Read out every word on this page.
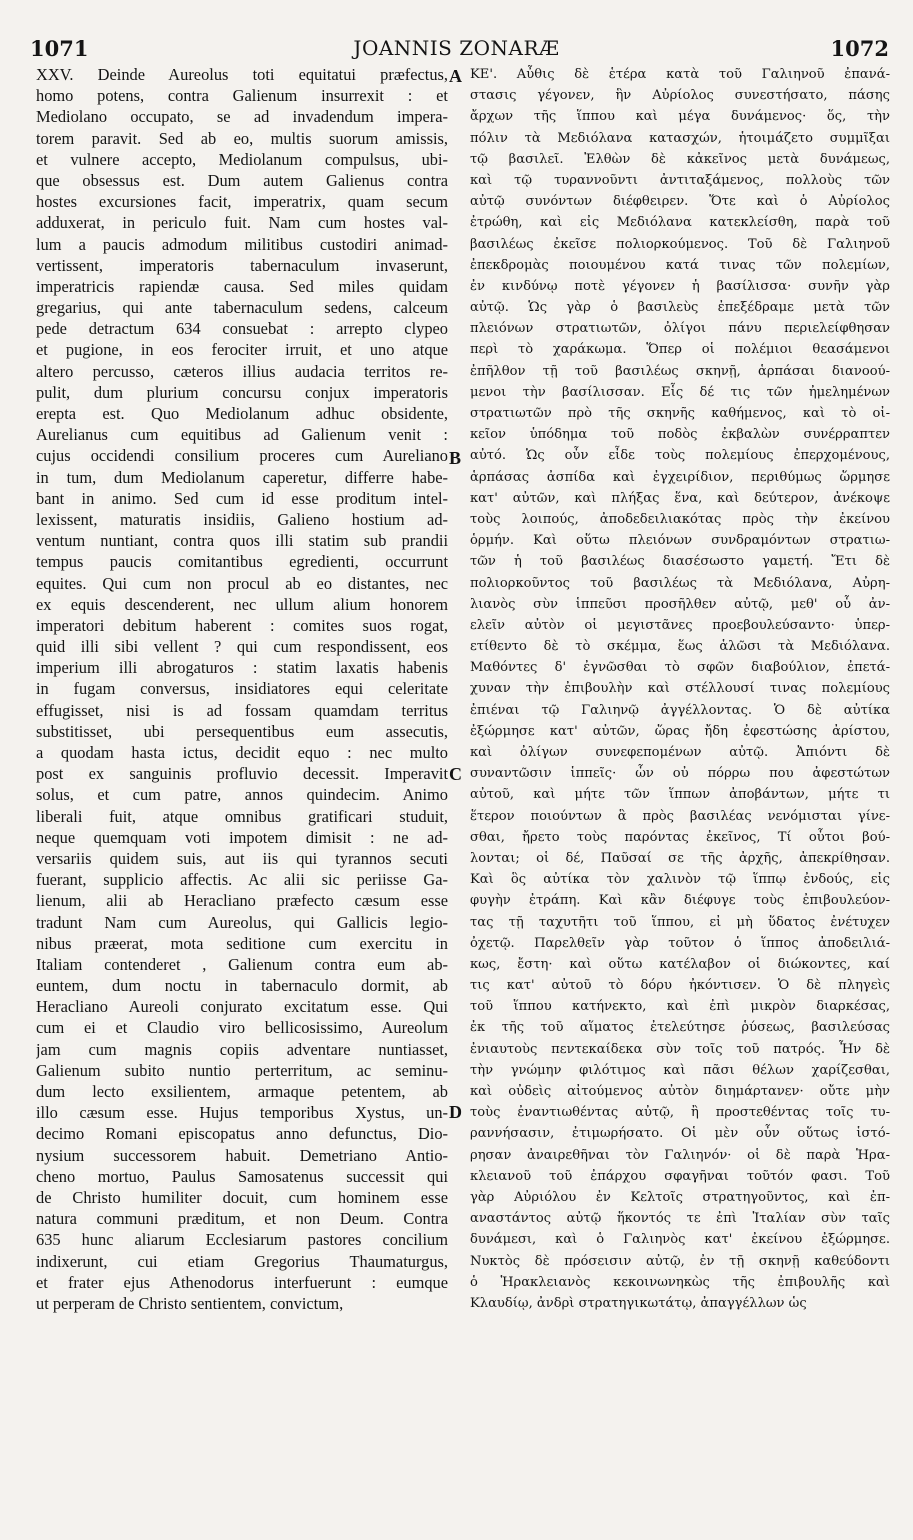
1071	JOANNIS ZONARÆ	1072
XXV. Deinde Aureolus toti equitatui præfectus,
homo potens, contra Galienum insurrexit : et
Mediolano occupato, se ad invadendum impera-
torem paravit. Sed ab eo, multis suorum amissis,
et vulnere accepto, Mediolanum compulsus, ubi-
que obsessus est. Dum autem Galienus contra
hostes excursiones facit, imperatrix, quam secum
adduxerat, in periculo fuit. Nam cum hostes val-
lum a paucis admodum militibus custodiri animad-
vertissent, imperatoris tabernaculum invaserunt,
imperatricis rapiendæ causa. Sed miles quidam
gregarius, qui ante tabernaculum sedens, calceum
pede detractum 634 consuebat : arrepto clypeo
et pugione, in eos ferociter irruit, et uno atque
altero percusso, cæteros illius audacia territos re-
pulit, dum plurium concursu conjux imperatoris
erepta est. Quo Mediolanum adhuc obsidente,
Aurelianus cum equitibus ad Galienum venit :
cujus occidendi consilium proceres cum Aureliano
in tum, dum Mediolanum caperetur, differre habe-
bant in animo. Sed cum id esse proditum intel-
lexissent, maturatis insidiis, Galieno hostium ad-
ventum nuntiant, contra quos illi statim sub prandii
tempus paucis comitantibus egredienti, occurrunt
equites. Qui cum non procul ab eo distantes, nec
ex equis descenderent, nec ullum alium honorem
imperatori debitum haberent : comites suos rogat,
quid illi sibi vellent ? qui cum respondissent, eos
imperium illi abrogaturos : statim laxatis habenis
in fugam conversus, insidiatores equi celeritate
effugisset, nisi is ad fossam quamdam territus
substitisset, ubi persequentibus eum assecutis,
a quodam hasta ictus, decidit equo : nec multo
post ex sanguinis profluvio decessit. Imperavit
solus, et cum patre, annos quindecim. Animo
liberali fuit, atque omnibus gratificari studuit,
neque quemquam voti impotem dimisit : ne ad-
versariis quidem suis, aut iis qui tyrannos secuti
fuerant, supplicio affectis. Ac alii sic periisse Ga-
lienum, alii ab Heracliano præfecto cæsum esse
tradunt Nam cum Aureolus, qui Gallicis legio-
nibus præerat, mota seditione cum exercitu in
Italiam contenderet , Galienum contra eum ab-
euntem, dum noctu in tabernaculo dormit, ab
Heracliano Aureoli conjurato excitatum esse. Qui
cum ei et Claudio viro bellicosissimo, Aureolum
jam cum magnis copiis adventare nuntiasset,
Galienum subito nuntio perterritum, ac seminu-
dum lecto exsilientem, armaque petentem, ab
illo cæsum esse. Hujus temporibus Xystus, un-
decimo Romani episcopatus anno defunctus, Dio-
nysium successorem habuit. Demetriano Antio-
cheno mortuo, Paulus Samosatenus successit qui
de Christo humiliter docuit, cum hominem esse
natura communi præditum, et non Deum. Contra
635 hunc aliarum Ecclesiarum pastores concilium
indixerunt, cui etiam Gregorius Thaumaturgus,
et frater ejus Athenodorus interfuerunt : eumque
ut perperam de Christo sentientem, convictum,
ΚΕ'. Αὖθις δὲ ἑτέρα κατὰ τοῦ Γαλιηνοῦ ἐπανά-
στασις γέγονεν, ἣν Αὐρίολος συνεστήσατο, πάσης
ἄρχων τῆς ἵππου καὶ μέγα δυνάμενος· ὅς, τὴν
πόλιν τὰ Μεδιόλανα κατασχών, ἡτοιμάζετο συμμῖξαι
τῷ βασιλεῖ. Ἐλθὼν δὲ κἀκεῖνος μετὰ δυνάμεως,
καὶ τῷ τυραννοῦντι ἀντιταξάμενος, πολλοὺς τῶν
αὐτῷ συνόντων διέφθειρεν. Ὅτε καὶ ὁ Αὐρίολος
ἐτρώθη, καὶ εἰς Μεδιόλανα κατεκλείσθη, παρὰ τοῦ
βασιλέως ἐκεῖσε πολιορκούμενος. Τοῦ δὲ Γαλιηνοῦ
ἐπεκδρομὰς ποιουμένου κατά τινας τῶν πολεμίων,
ἐν κινδύνῳ ποτὲ γέγονεν ἡ βασίλισσα· συνῆν γὰρ
αὐτῷ. Ὡς γὰρ ὁ βασιλεὺς ἐπεξέδραμε μετὰ τῶν
πλειόνων στρατιωτῶν, ὀλίγοι πάνυ περιελείφθησαν
περὶ τὸ χαράκωμα. Ὅπερ οἱ πολέμιοι θεασάμενοι
ἐπῆλθον τῇ τοῦ βασιλέως σκηνῇ, ἁρπάσαι διανοού-
μενοι τὴν βασίλισσαν. Εἷς δέ τις τῶν ἠμελημένων
στρατιωτῶν πρὸ τῆς σκηνῆς καθήμενος, καὶ τὸ οἰ-
κεῖον ὑπόδημα τοῦ ποδὸς ἐκβαλὼν συνέρραπτεν
αὐτό. Ὡς οὖν εἶδε τοὺς πολεμίους ἐπερχομένους,
ἁρπάσας ἀσπίδα καὶ ἐγχειρίδιον, περιθύμως ὥρμησε
κατ' αὐτῶν, καὶ πλήξας ἕνα, καὶ δεύτερον, ἀνέκοψε
τοὺς λοιπούς, ἀποδεδειλιακότας πρὸς τὴν ἐκείνου
ὁρμήν. Καὶ οὕτω πλειόνων συνδραμόντων στρατιω-
τῶν ἡ τοῦ βασιλέως διασέσωστο γαμετή. Ἔτι δὲ
πολιορκοῦντος τοῦ βασιλέως τὰ Μεδιόλανα, Αὐρη-
λιανὸς σὺν ἱππεῦσι προσῆλθεν αὐτῷ, μεθ' οὗ ἀν-
ελεῖν αὐτὸν οἱ μεγιστᾶνες προεβουλεύσαντο· ὑπερ-
ετίθεντο δὲ τὸ σκέμμα, ἕως ἁλῶσι τὰ Μεδιόλανα.
Μαθόντες δ' ἐγνῶσθαι τὸ σφῶν διαβούλιον, ἐπετά-
χυναν τὴν ἐπιβουλὴν καὶ στέλλουσί τινας πολεμίους
ἐπιέναι τῷ Γαλιηνῷ ἀγγέλλοντας. Ὁ δὲ αὐτίκα
ἐξώρμησε κατ' αὐτῶν, ὥρας ἤδη ἐφεστώσης ἀρίστου,
καὶ ὀλίγων συνεφεπομένων αὐτῷ. Ἀπιόντι δὲ
συναντῶσιν ἱππεῖς· ὧν οὐ πόρρω που ἀφεστώτων
αὐτοῦ, καὶ μήτε τῶν ἵππων ἀποβάντων, μήτε τι
ἕτερον ποιούντων ἃ πρὸς βασιλέας νενόμισται γίνε-
σθαι, ἤρετο τοὺς παρόντας ἐκεῖνος, Τί οὗτοι βού-
λονται; οἱ δέ, Παῦσαί σε τῆς ἀρχῆς, ἀπεκρίθησαν.
Καὶ ὃς αὐτίκα τὸν χαλινὸν τῷ ἵππῳ ἐνδούς, εἰς
φυγὴν ἐτράπη. Καὶ κἂν διέφυγε τοὺς ἐπιβουλεύον-
τας τῇ ταχυτῆτι τοῦ ἵππου, εἰ μὴ ὕδατος ἐνέτυχεν
ὀχετῷ. Παρελθεῖν γὰρ τοῦτον ὁ ἵππος ἀποδειλιά-
κως, ἔστη· καὶ οὕτω κατέλαβον οἱ διώκοντες, καί
τις κατ' αὐτοῦ τὸ δόρυ ἠκόντισεν. Ὁ δὲ πληγεὶς
τοῦ ἵππου κατήνεκτο, καὶ ἐπὶ μικρὸν διαρκέσας,
ἐκ τῆς τοῦ αἵματος ἐτελεύτησε ῥύσεως, βασιλεύσας
ἐνιαυτοὺς πεντεκαίδεκα σὺν τοῖς τοῦ πατρός. Ἦν δὲ
τὴν γνώμην φιλότιμος καὶ πᾶσι θέλων χαρίζεσθαι,
καὶ οὐδεὶς αἰτούμενος αὐτὸν διημάρτανεν· οὔτε μὴν
τοὺς ἐναντιωθέντας αὐτῷ, ἢ προστεθέντας τοῖς τυ-
ραννήσασιν, ἐτιμωρήσατο. Οἱ μὲν οὖν οὕτως ἱστό-
ρησαν ἀναιρεθῆναι τὸν Γαλιηνόν· οἱ δὲ παρὰ Ἡρα-
κλειανοῦ τοῦ ἐπάρχου σφαγῆναι τοῦτόν φασι. Τοῦ
γὰρ Αὐριόλου ἐν Κελτοῖς στρατηγοῦντος, καὶ ἐπ-
αναστάντος αὐτῷ ἥκοντός τε ἐπὶ Ἰταλίαν σὺν ταῖς
δυνάμεσι, καὶ ὁ Γαλιηνὸς κατ' ἐκείνου ἐξώρμησε.
Νυκτὸς δὲ πρόσεισιν αὐτῷ, ἐν τῇ σκηνῇ καθεύδοντι
ὁ Ἡρακλειανὸς κεκοινωνηκὼς τῆς ἐπιβουλῆς καὶ
Κλαυδίῳ, ἀνδρὶ στρατηγικωτάτῳ, ἀπαγγέλλων ὡς
A
B
C
D
